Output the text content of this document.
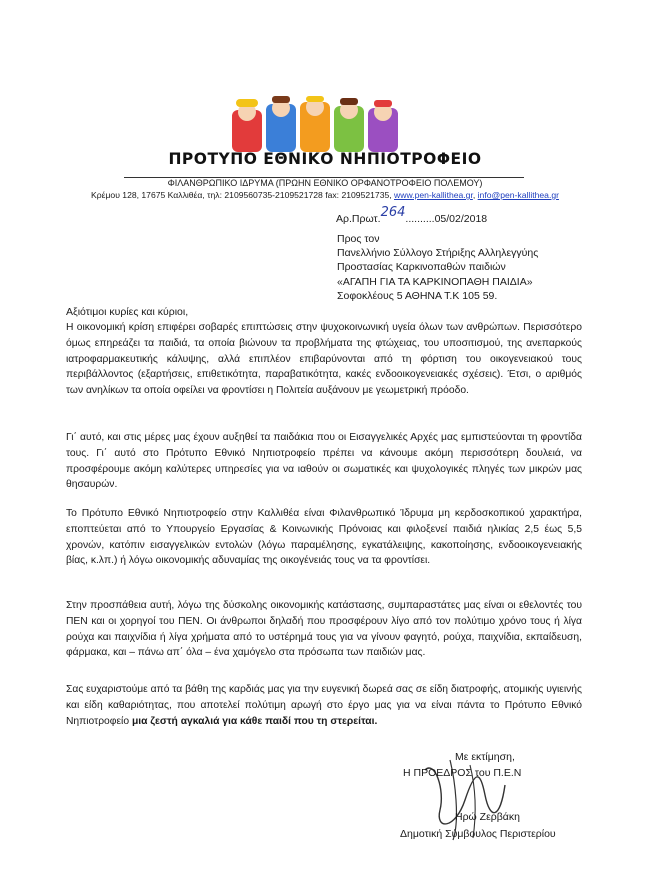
ΠΡΟΤΥΠΟ ΕΘΝΙΚΟ ΝΗΠΙΟΤΡΟΦΕΙΟ
ΦΙΛΑΝΘΡΩΠΙΚΟ ΙΔΡΥΜΑ (ΠΡΩΗΝ ΕΘΝΙΚΟ ΟΡΦΑΝΟΤΡΟΦΕΙΟ ΠΟΛΕΜΟΥ)
Κρέμου 128, 17675 Καλλιθέα, τηλ: 2109560735-2109521728 fax: 2109521735, www.pen-kallithea.gr, info@pen-kallithea.gr
Αρ.Πρωτ.264..........05/02/2018
Προς τον
Πανελλήνιο Σύλλογο Στήριξης Αλληλεγγύης
Προστασίας Καρκινοπαθών παιδιών
«ΑΓΑΠΗ ΓΙΑ ΤΑ ΚΑΡΚΙΝΟΠΑΘΗ ΠΑΙΔΙΑ»
Σοφοκλέους 5 ΑΘΗΝΑ Τ.Κ 105 59.
Αξιότιμοι κυρίες και κύριοι,
Η οικονομική κρίση επιφέρει σοβαρές επιπτώσεις στην ψυχοκοινωνική υγεία όλων των ανθρώπων. Περισσότερο όμως επηρεάζει τα παιδιά, τα οποία βιώνουν τα προβλήματα της φτώχειας, του υποσιτισμού, της ανεπαρκούς ιατροφαρμακευτικής κάλυψης, αλλά επιπλέον επιβαρύνονται από τη φόρτιση του οικογενειακού τους περιβάλλοντος (εξαρτήσεις, επιθετικότητα, παραβατικότητα, κακές ενδοοικογενειακές σχέσεις). Έτσι, ο αριθμός των ανηλίκων τα οποία οφείλει να φροντίσει η Πολιτεία αυξάνουν με γεωμετρική πρόοδο.
Γι΄ αυτό, και στις μέρες μας έχουν αυξηθεί τα παιδάκια που οι Εισαγγελικές Αρχές μας εμπιστεύονται τη φροντίδα τους. Γι΄ αυτό στο Πρότυπο Εθνικό Νηπιοτροφείο πρέπει να κάνουμε ακόμη περισσότερη δουλειά, να προσφέρουμε ακόμη καλύτερες υπηρεσίες για να ιαθούν οι σωματικές και ψυχολογικές πληγές των μικρών μας θησαυρών.
Το Πρότυπο Εθνικό Νηπιοτροφείο στην Καλλιθέα είναι Φιλανθρωπικό Ίδρυμα μη κερδοσκοπικού χαρακτήρα, εποπτεύεται από το Υπουργείο Εργασίας & Κοινωνικής Πρόνοιας και φιλοξενεί παιδιά ηλικίας 2,5 έως 5,5 χρονών, κατόπιν εισαγγελικών εντολών (λόγω παραμέλησης, εγκατάλειψης, κακοποίησης, ενδοοικογενειακής βίας, κ.λπ.) ή λόγω οικονομικής αδυναμίας της οικογένειάς τους να τα φροντίσει.
Στην προσπάθεια αυτή, λόγω της δύσκολης οικονομικής κατάστασης, συμπαραστάτες μας είναι οι εθελοντές του ΠΕΝ και οι χορηγοί του ΠΕΝ. Οι άνθρωποι δηλαδή που προσφέρουν λίγο από τον πολύτιμο χρόνο τους ή λίγα ρούχα και παιχνίδια ή λίγα χρήματα από το υστέρημά τους για να γίνουν φαγητό, ρούχα, παιχνίδια, εκπαίδευση, φάρμακα, και – πάνω απ΄ όλα – ένα χαμόγελο στα πρόσωπα των παιδιών μας.
Σας ευχαριστούμε από τα βάθη της καρδιάς μας για την ευγενική δωρεά σας σε είδη διατροφής, ατομικής υγιεινής και είδη καθαριότητας, που αποτελεί πολύτιμη αρωγή στο έργο μας για να είναι πάντα το Πρότυπο Εθνικό Νηπιοτροφείο μια ζεστή αγκαλιά για κάθε παιδί που τη στερείται.
Με εκτίμηση,
Η ΠΡΟΕΔΡΟΣ του Π.Ε.Ν
Ηρώ Ζερβάκη
Δημοτική Σύμβουλος Περιστερίου
